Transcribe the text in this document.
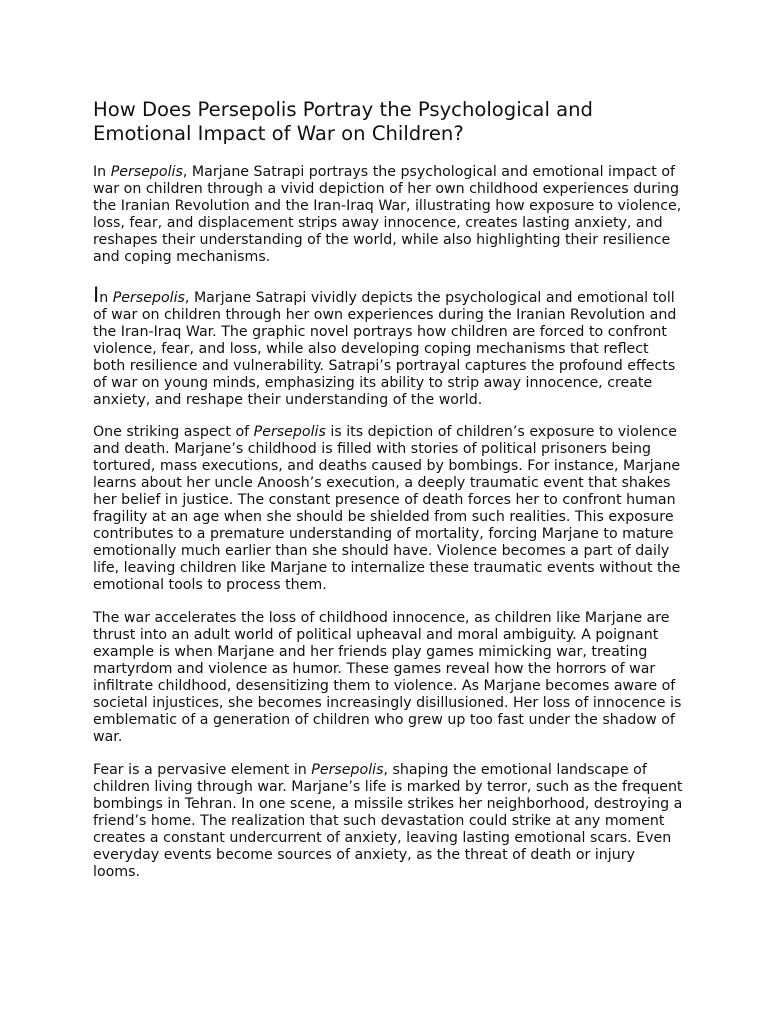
How Does Persepolis Portray the Psychological and Emotional Impact of War on Children?

In Persepolis, Marjane Satrapi portrays the psychological and emotional impact of war on children through a vivid depiction of her own childhood experiences during the Iranian Revolution and the Iran-Iraq War, illustrating how exposure to violence, loss, fear, and displacement strips away innocence, creates lasting anxiety, and reshapes their understanding of the world, while also highlighting their resilience and coping mechanisms.

In Persepolis, Marjane Satrapi vividly depicts the psychological and emotional toll of war on children through her own experiences during the Iranian Revolution and the Iran-Iraq War. The graphic novel portrays how children are forced to confront violence, fear, and loss, while also developing coping mechanisms that reflect both resilience and vulnerability. Satrapi’s portrayal captures the profound effects of war on young minds, emphasizing its ability to strip away innocence, create anxiety, and reshape their understanding of the world.

One striking aspect of Persepolis is its depiction of children’s exposure to violence and death. Marjane’s childhood is filled with stories of political prisoners being tortured, mass executions, and deaths caused by bombings. For instance, Marjane learns about her uncle Anoosh’s execution, a deeply traumatic event that shakes her belief in justice. The constant presence of death forces her to confront human fragility at an age when she should be shielded from such realities. This exposure contributes to a premature understanding of mortality, forcing Marjane to mature emotionally much earlier than she should have. Violence becomes a part of daily life, leaving children like Marjane to internalize these traumatic events without the emotional tools to process them.

The war accelerates the loss of childhood innocence, as children like Marjane are thrust into an adult world of political upheaval and moral ambiguity. A poignant example is when Marjane and her friends play games mimicking war, treating martyrdom and violence as humor. These games reveal how the horrors of war infiltrate childhood, desensitizing them to violence. As Marjane becomes aware of societal injustices, she becomes increasingly disillusioned. Her loss of innocence is emblematic of a generation of children who grew up too fast under the shadow of war.

Fear is a pervasive element in Persepolis, shaping the emotional landscape of children living through war. Marjane’s life is marked by terror, such as the frequent bombings in Tehran. In one scene, a missile strikes her neighborhood, destroying a friend’s home. The realization that such devastation could strike at any moment creates a constant undercurrent of anxiety, leaving lasting emotional scars. Even everyday events become sources of anxiety, as the threat of death or injury looms.
